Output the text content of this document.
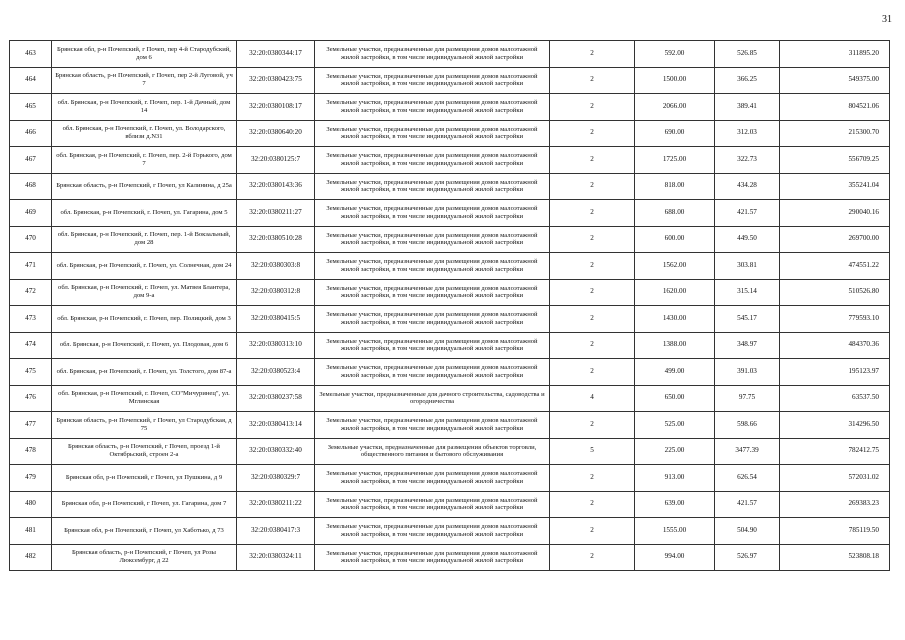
31
463	Брянская обл, р-н Почепский, г Почеп, пер 4-й Стародубский, дом 6	32:20:0380344:17	Земельные участки, предназначенные для размещения домов малоэтажной жилой застройки, в том числе индивидуальной жилой застройки	2	592.00	526.85	311895.20
464	Брянская область, р-н Почепский, г Почеп, пер 2-й Луговой, уч 7	32:20:0380423:75	Земельные участки, предназначенные для размещения домов малоэтажной жилой застройки, в том числе индивидуальной жилой застройки	2	1500.00	366.25	549375.00
465	обл. Брянская, р-н Почепский, г. Почеп, пер. 1-й Дачный, дом 14	32:20:0380108:17	Земельные участки, предназначенные для размещения домов малоэтажной жилой застройки, в том числе индивидуальной жилой застройки	2	2066.00	389.41	804521.06
466	обл. Брянская, р-н Почепский, г. Почеп, ул. Володарского, вблизи д.N31	32:20:0380640:20	Земельные участки, предназначенные для размещения домов малоэтажной жилой застройки, в том числе индивидуальной жилой застройки	2	690.00	312.03	215300.70
467	обл. Брянская, р-н Почепский, г. Почеп, пер. 2-й Горького, дом 7	32:20:0380125:7	Земельные участки, предназначенные для размещения домов малоэтажной жилой застройки, в том числе индивидуальной жилой застройки	2	1725.00	322.73	556709.25
468	Брянская область, р-н Почепский, г Почеп, ул Калинина, д 25а	32:20:0380143:36	Земельные участки, предназначенные для размещения домов малоэтажной жилой застройки, в том числе индивидуальной жилой застройки	2	818.00	434.28	355241.04
469	обл. Брянская, р-н Почепский, г. Почеп, ул. Гагарина, дом 5	32:20:0380211:27	Земельные участки, предназначенные для размещения домов малоэтажной жилой застройки, в том числе индивидуальной жилой застройки	2	688.00	421.57	290040.16
470	обл. Брянская, р-н Почепский, г. Почеп, пер. 1-й Вокзальный, дом 28	32:20:0380510:28	Земельные участки, предназначенные для размещения домов малоэтажной жилой застройки, в том числе индивидуальной жилой застройки	2	600.00	449.50	269700.00
471	обл. Брянская, р-н Почепский, г. Почеп, ул. Солнечная, дом 24	32:20:0380303:8	Земельные участки, предназначенные для размещения домов малоэтажной жилой застройки, в том числе индивидуальной жилой застройки	2	1562.00	303.81	474551.22
472	обл. Брянская, р-н Почепский, г. Почеп, ул. Матвея Блантера, дом 9-а	32:20:0380312:8	Земельные участки, предназначенные для размещения домов малоэтажной жилой застройки, в том числе индивидуальной жилой застройки	2	1620.00	315.14	510526.80
473	обл. Брянская, р-н Почепский, г. Почеп, пер. Полицкий, дом 3	32:20:0380415:5	Земельные участки, предназначенные для размещения домов малоэтажной жилой застройки, в том числе индивидуальной жилой застройки	2	1430.00	545.17	779593.10
474	обл. Брянская, р-н Почепский, г. Почеп, ул. Плодовая, дом 6	32:20:0380313:10	Земельные участки, предназначенные для размещения домов малоэтажной жилой застройки, в том числе индивидуальной жилой застройки	2	1388.00	348.97	484370.36
475	обл. Брянская, р-н Почепский, г. Почеп, ул. Толстого, дом 87-а	32:20:0380523:4	Земельные участки, предназначенные для размещения домов малоэтажной жилой застройки, в том числе индивидуальной жилой застройки	2	499.00	391.03	195123.97
476	обл. Брянская, р-н Почепский, г. Почеп, СО"Мичуринец", ул. Мглинская	32:20:0380237:58	Земельные участки, предназначенные для дачного строительства, садоводства и огородничества	4	650.00	97.75	63537.50
477	Брянская область, р-н Почепский, г Почеп, ул Стародубская, д 75	32:20:0380413:14	Земельные участки, предназначенные для размещения домов малоэтажной жилой застройки, в том числе индивидуальной жилой застройки	2	525.00	598.66	314296.50
478	Брянская область, р-н Почепский, г Почеп, проезд 1-й Октябрьский, строен 2-а	32:20:0380332:40	Земельные участки, предназначенные для размещения объектов торговли, общественного питания и бытового обслуживания	5	225.00	3477.39	782412.75
479	Брянская обл, р-н Почепский, г Почеп, ул Пушкина, д 9	32:20:0380329:7	Земельные участки, предназначенные для размещения домов малоэтажной жилой застройки, в том числе индивидуальной жилой застройки	2	913.00	626.54	572031.02
480	Брянская обл, р-н Почепский, г Почеп, ул. Гагарина, дом 7	32:20:0380211:22	Земельные участки, предназначенные для размещения домов малоэтажной жилой застройки, в том числе индивидуальной жилой застройки	2	639.00	421.57	269383.23
481	Брянская обл, р-н Почепский, г Почеп, ул Хаботько, д 73	32:20:0380417:3	Земельные участки, предназначенные для размещения домов малоэтажной жилой застройки, в том числе индивидуальной жилой застройки	2	1555.00	504.90	785119.50
482	Брянская область, р-н Почепский, г Почеп, ул Розы Люксембург, д 22	32:20:0380324:11	Земельные участки, предназначенные для размещения домов малоэтажной жилой застройки, в том числе индивидуальной жилой застройки	2	994.00	526.97	523808.18
